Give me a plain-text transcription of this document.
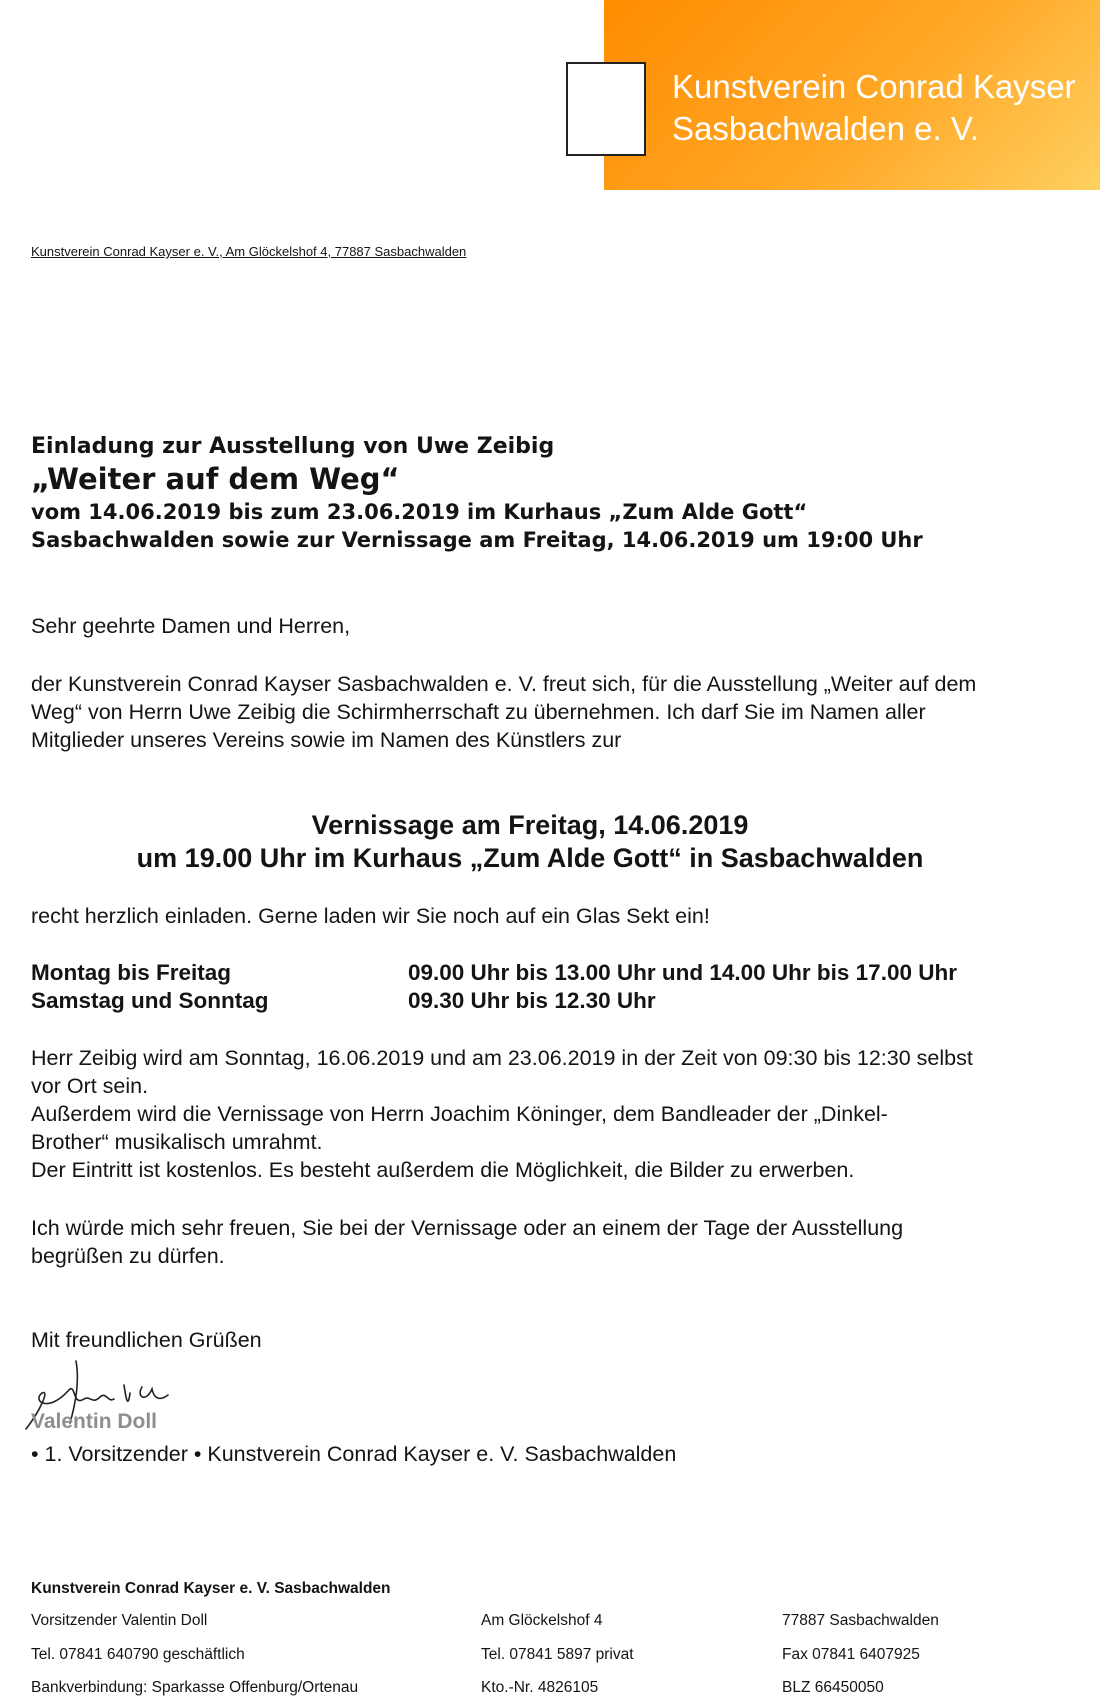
Kunstverein Conrad Kayser
Sasbachwalden e. V.
Kunstverein Conrad Kayser e. V., Am Glöckelshof 4, 77887 Sasbachwalden
Einladung zur Ausstellung von Uwe Zeibig
„Weiter auf dem Weg“
vom 14.06.2019 bis zum 23.06.2019 im Kurhaus „Zum Alde Gott“
Sasbachwalden sowie zur Vernissage am Freitag, 14.06.2019 um 19:00 Uhr
Sehr geehrte Damen und Herren,
der Kunstverein Conrad Kayser Sasbachwalden e. V. freut sich, für die Ausstellung „Weiter auf dem Weg“ von Herrn Uwe Zeibig die Schirmherrschaft zu übernehmen. Ich darf Sie im Namen aller Mitglieder unseres Vereins sowie im Namen des Künstlers zur
Vernissage am Freitag, 14.06.2019
um 19.00 Uhr im Kurhaus „Zum Alde Gott“ in Sasbachwalden
recht herzlich einladen. Gerne laden wir Sie noch auf ein Glas Sekt ein!
Montag bis Freitag	09.00 Uhr bis 13.00 Uhr und 14.00 Uhr bis 17.00 Uhr
Samstag und Sonntag	09.30 Uhr bis 12.30 Uhr
Herr Zeibig wird am Sonntag, 16.06.2019 und am 23.06.2019 in der Zeit von 09:30 bis 12:30 selbst vor Ort sein.
Außerdem wird die Vernissage von Herrn Joachim Köninger, dem Bandleader der „Dinkel-Brother“ musikalisch umrahmt.
Der Eintritt ist kostenlos. Es besteht außerdem die Möglichkeit, die Bilder zu erwerben.
Ich würde mich sehr freuen, Sie bei der Vernissage oder an einem der Tage der Ausstellung begrüßen zu dürfen.
Mit freundlichen Grüßen
Valentin Doll
• 1. Vorsitzender • Kunstverein Conrad Kayser e. V. Sasbachwalden
Kunstverein Conrad Kayser e. V. Sasbachwalden
Vorsitzender Valentin Doll
Tel. 07841 640790 geschäftlich
Bankverbindung: Sparkasse Offenburg/Ortenau
Am Glöckelshof 4
Tel. 07841 5897 privat
Kto.-Nr. 4826105
77887 Sasbachwalden
Fax 07841 6407925
BLZ 66450050
